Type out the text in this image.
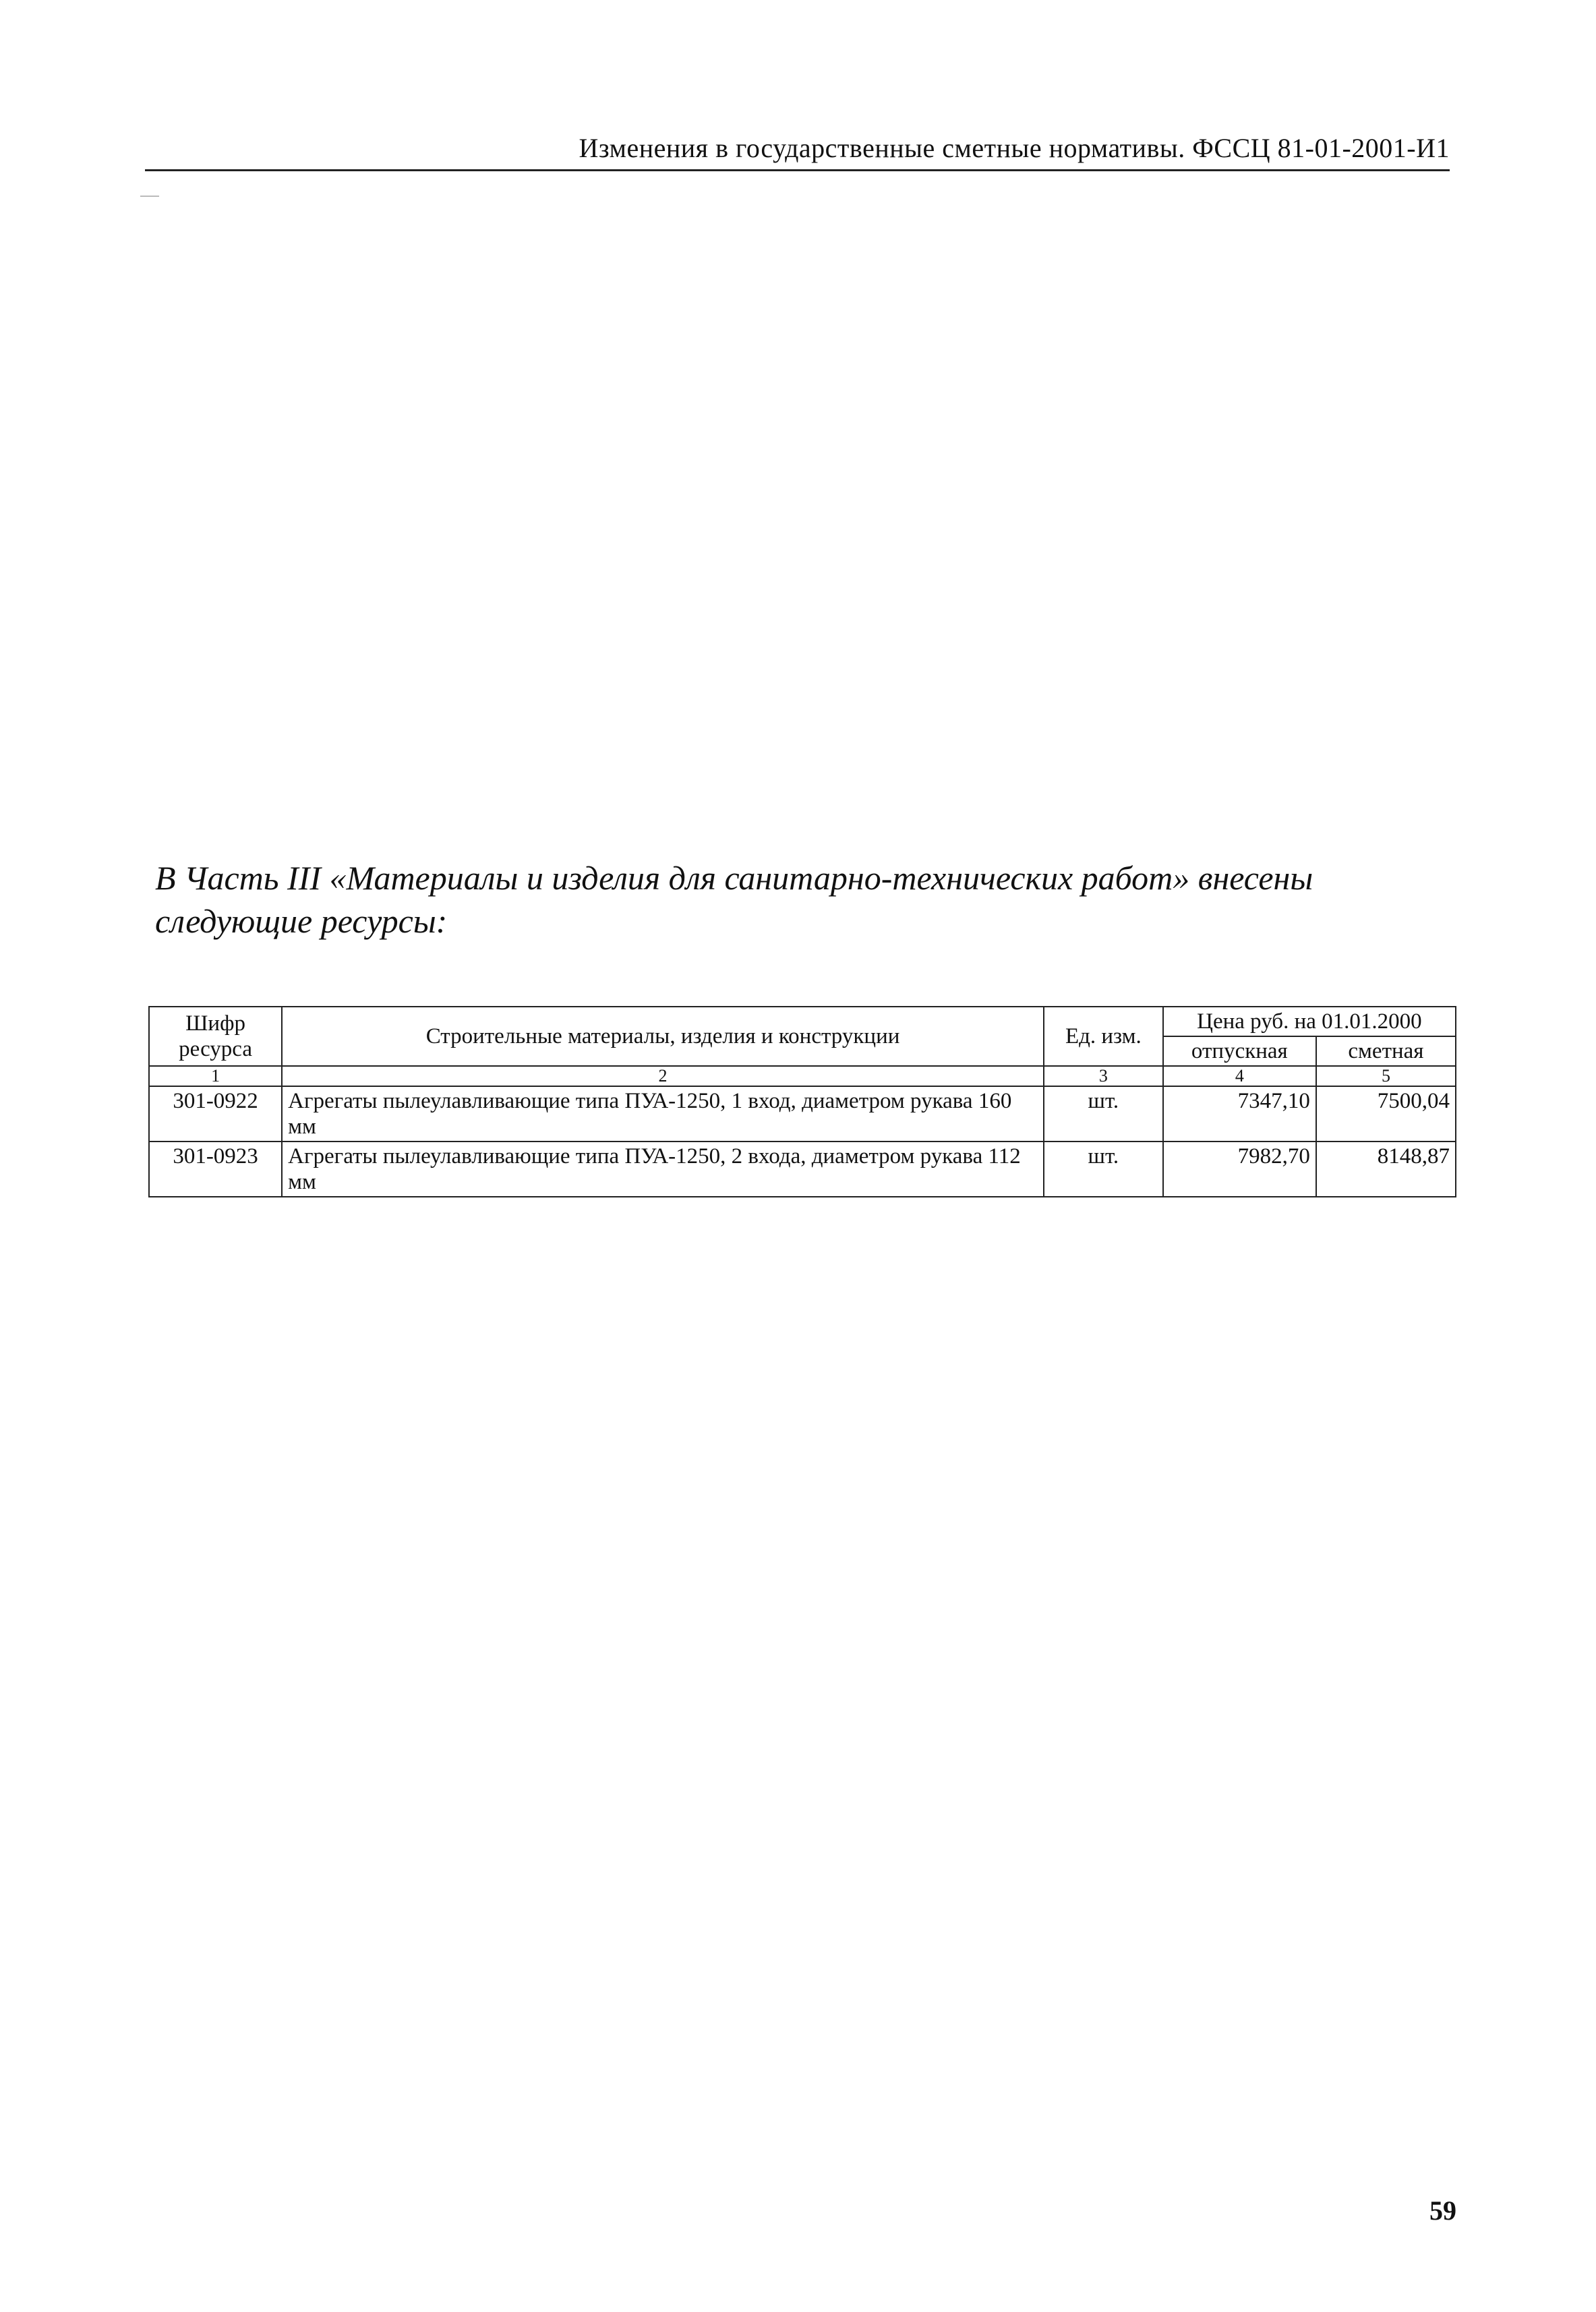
Изменения в государственные сметные нормативы. ФССЦ 81-01-2001-И1
В Часть III «Материалы и изделия для санитарно-технических работ» внесены следующие ресурсы:
Шифр ресурса	Строительные материалы, изделия и конструкции	Ед. изм.	Цена руб. на 01.01.2000	
			отпускная	сметная
1	2	3	4	5
301-0922	Агрегаты пылеулавливающие типа ПУА-1250, 1 вход, диаметром рукава 160 мм	шт.	7347,10	7500,04
301-0923	Агрегаты пылеулавливающие типа ПУА-1250, 2 входа, диаметром рукава 112 мм	шт.	7982,70	8148,87
59
